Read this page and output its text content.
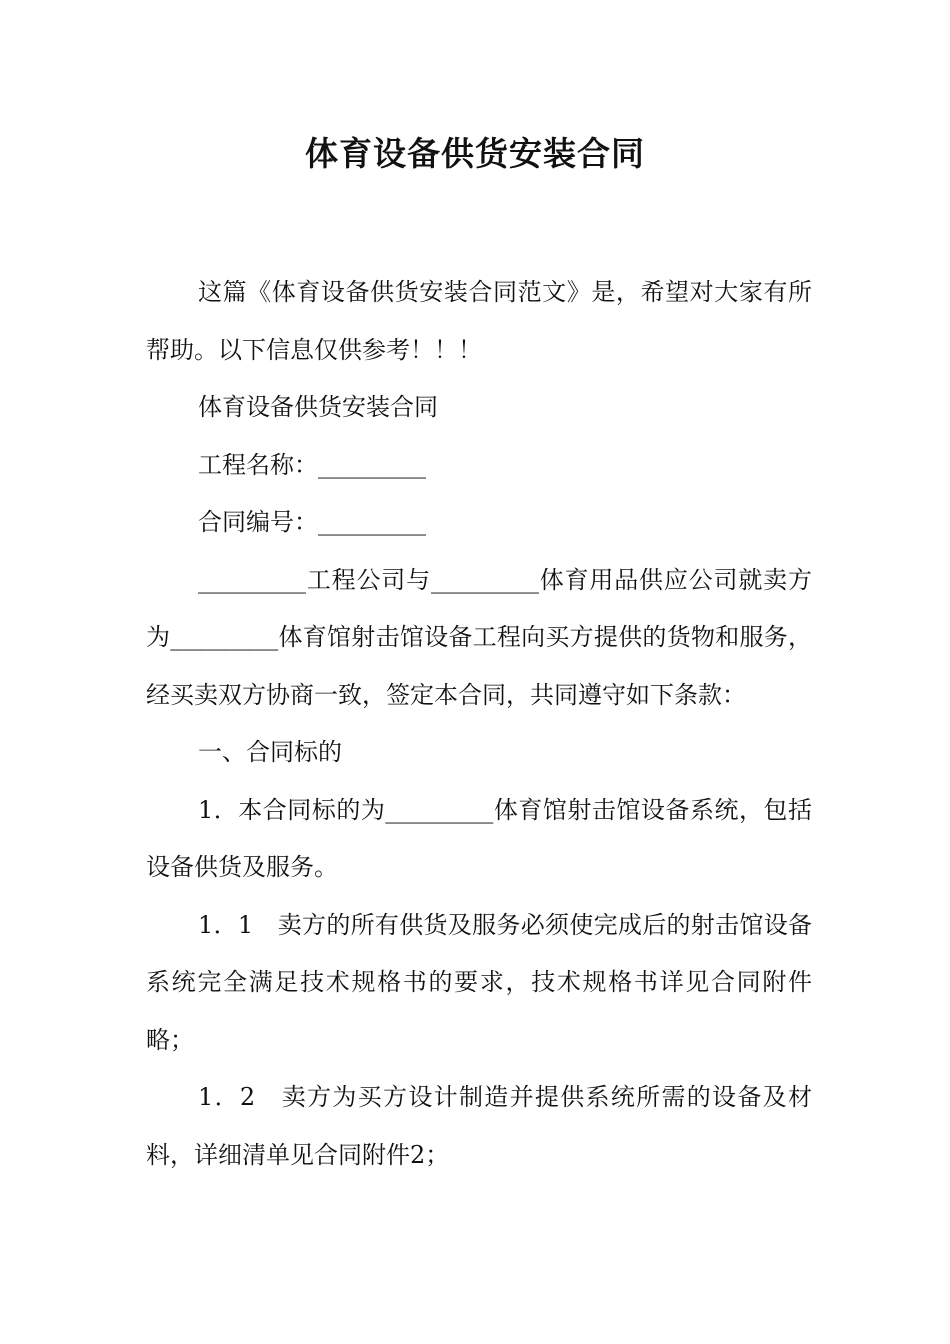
体育设备供货安装合同

这篇《体育设备供货安装合同范文》是，希望对大家有所帮助。以下信息仅供参考！！！

体育设备供货安装合同

工程名称：_________

合同编号：_________

_________工程公司与_________体育用品供应公司就卖方为_________体育馆射击馆设备工程向买方提供的货物和服务，经买卖双方协商一致，签定本合同，共同遵守如下条款：

一、合同标的

1．本合同标的为_________体育馆射击馆设备系统，包括设备供货及服务。

1．1　卖方的所有供货及服务必须使完成后的射击馆设备系统完全满足技术规格书的要求，技术规格书详见合同附件略；

1．2　卖方为买方设计制造并提供系统所需的设备及材料，详细清单见合同附件2；
